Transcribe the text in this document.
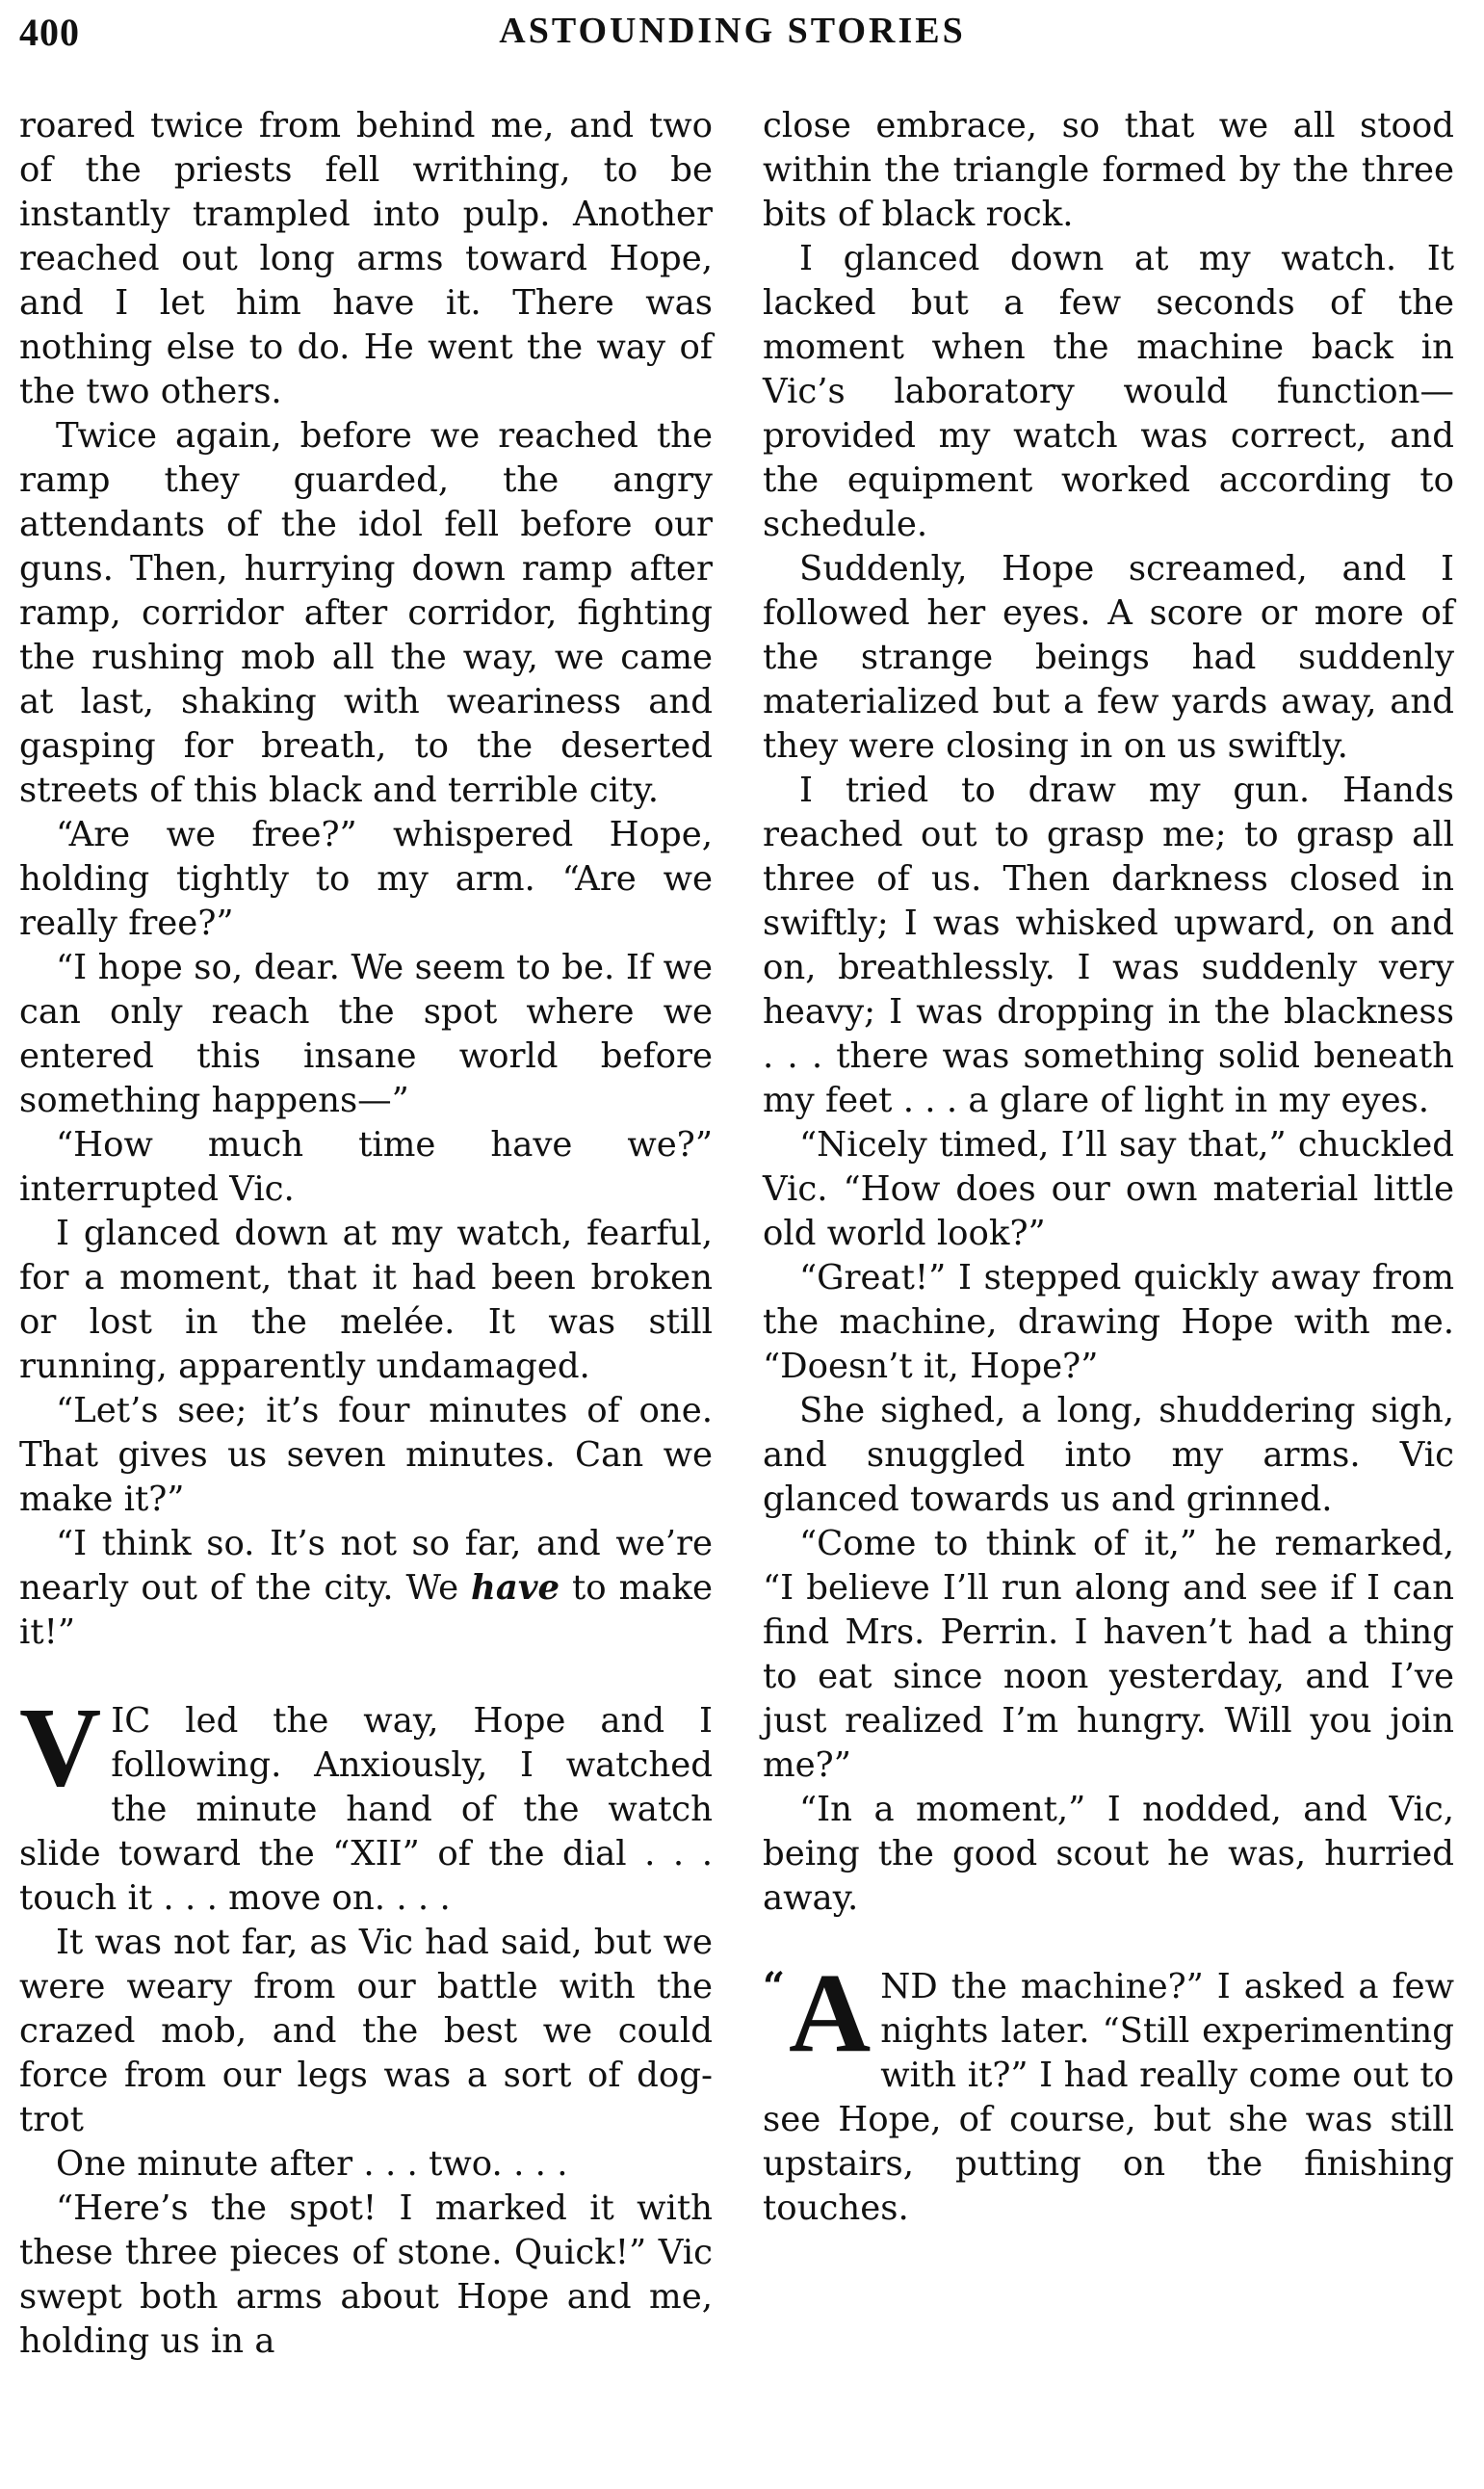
400	ASTOUNDING STORIES

roared twice from behind me, and two of the priests fell writhing, to be instantly trampled into pulp. Another reached out long arms toward Hope, and I let him have it. There was nothing else to do. He went the way of the two others.

Twice again, before we reached the ramp they guarded, the angry attendants of the idol fell before our guns. Then, hurrying down ramp after ramp, corridor after corridor, fighting the rushing mob all the way, we came at last, shaking with weariness and gasping for breath, to the deserted streets of this black and terrible city.

“Are we free?” whispered Hope, holding tightly to my arm. “Are we really free?”

“I hope so, dear. We seem to be. If we can only reach the spot where we entered this insane world before something happens—”

“How much time have we?” interrupted Vic.

I glanced down at my watch, fearful, for a moment, that it had been broken or lost in the melée. It was still running, apparently undamaged.

“Let’s see; it’s four minutes of one. That gives us seven minutes. Can we make it?”

“I think so. It’s not so far, and we’re nearly out of the city. We have to make it!”

VIC led the way, Hope and I following. Anxiously, I watched the minute hand of the watch slide toward the “XII” of the dial . . . touch it . . . move on. . . .

It was not far, as Vic had said, but we were weary from our battle with the crazed mob, and the best we could force from our legs was a sort of dog-trot

One minute after . . . two. . . .

“Here’s the spot! I marked it with these three pieces of stone. Quick!” Vic swept both arms about Hope and me, holding us in a

close embrace, so that we all stood within the triangle formed by the three bits of black rock.

I glanced down at my watch. It lacked but a few seconds of the moment when the machine back in Vic’s laboratory would function—provided my watch was correct, and the equipment worked according to schedule.

Suddenly, Hope screamed, and I followed her eyes. A score or more of the strange beings had suddenly materialized but a few yards away, and they were closing in on us swiftly.

I tried to draw my gun. Hands reached out to grasp me; to grasp all three of us. Then darkness closed in swiftly; I was whisked upward, on and on, breathlessly. I was suddenly very heavy; I was dropping in the blackness . . . there was something solid beneath my feet . . . a glare of light in my eyes.

“Nicely timed, I’ll say that,” chuckled Vic. “How does our own material little old world look?”

“Great!” I stepped quickly away from the machine, drawing Hope with me. “Doesn’t it, Hope?”

She sighed, a long, shuddering sigh, and snuggled into my arms. Vic glanced towards us and grinned.

“Come to think of it,” he remarked, “I believe I’ll run along and see if I can find Mrs. Perrin. I haven’t had a thing to eat since noon yesterday, and I’ve just realized I’m hungry. Will you join me?”

“In a moment,” I nodded, and Vic, being the good scout he was, hurried away.

“ A ND the machine?” I asked a few nights later. “Still experimenting with it?” I had really come out to see Hope, of course, but she was still upstairs, putting on the finishing touches.
